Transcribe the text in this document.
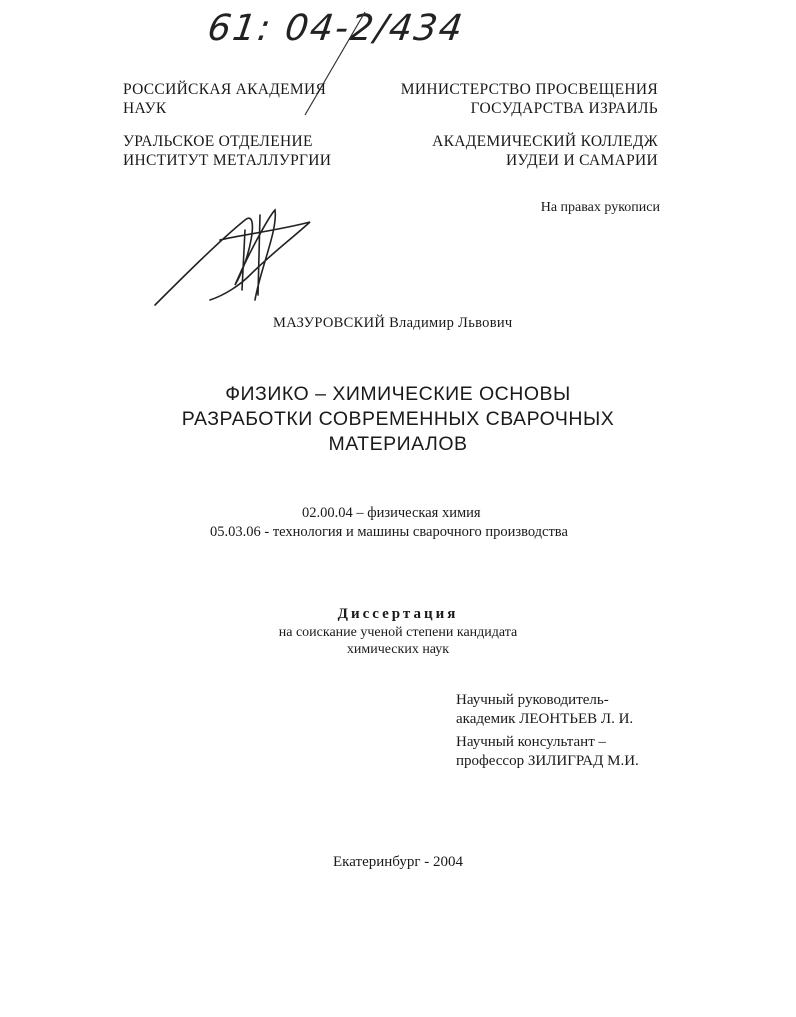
61: 04-2/434
РОССИЙСКАЯ АКАДЕМИЯ
НАУК
УРАЛЬСКОЕ ОТДЕЛЕНИЕ
ИНСТИТУТ МЕТАЛЛУРГИИ
МИНИСТЕРСТВО ПРОСВЕЩЕНИЯ
ГОСУДАРСТВА ИЗРАИЛЬ
АКАДЕМИЧЕСКИЙ КОЛЛЕДЖ
ИУДЕИ И САМАРИИ
На правах рукописи
МАЗУРОВСКИЙ Владимир Львович
ФИЗИКО – ХИМИЧЕСКИЕ ОСНОВЫ
РАЗРАБОТКИ СОВРЕМЕННЫХ СВАРОЧНЫХ
МАТЕРИАЛОВ
02.00.04 – физическая химия
05.03.06 - технология и машины сварочного производства
Диссертация
на соискание ученой степени кандидата
химических наук
Научный руководитель-
академик ЛЕОНТЬЕВ Л. И.
Научный консультант –
профессор ЗИЛИГРАД М.И.
Екатеринбург - 2004
